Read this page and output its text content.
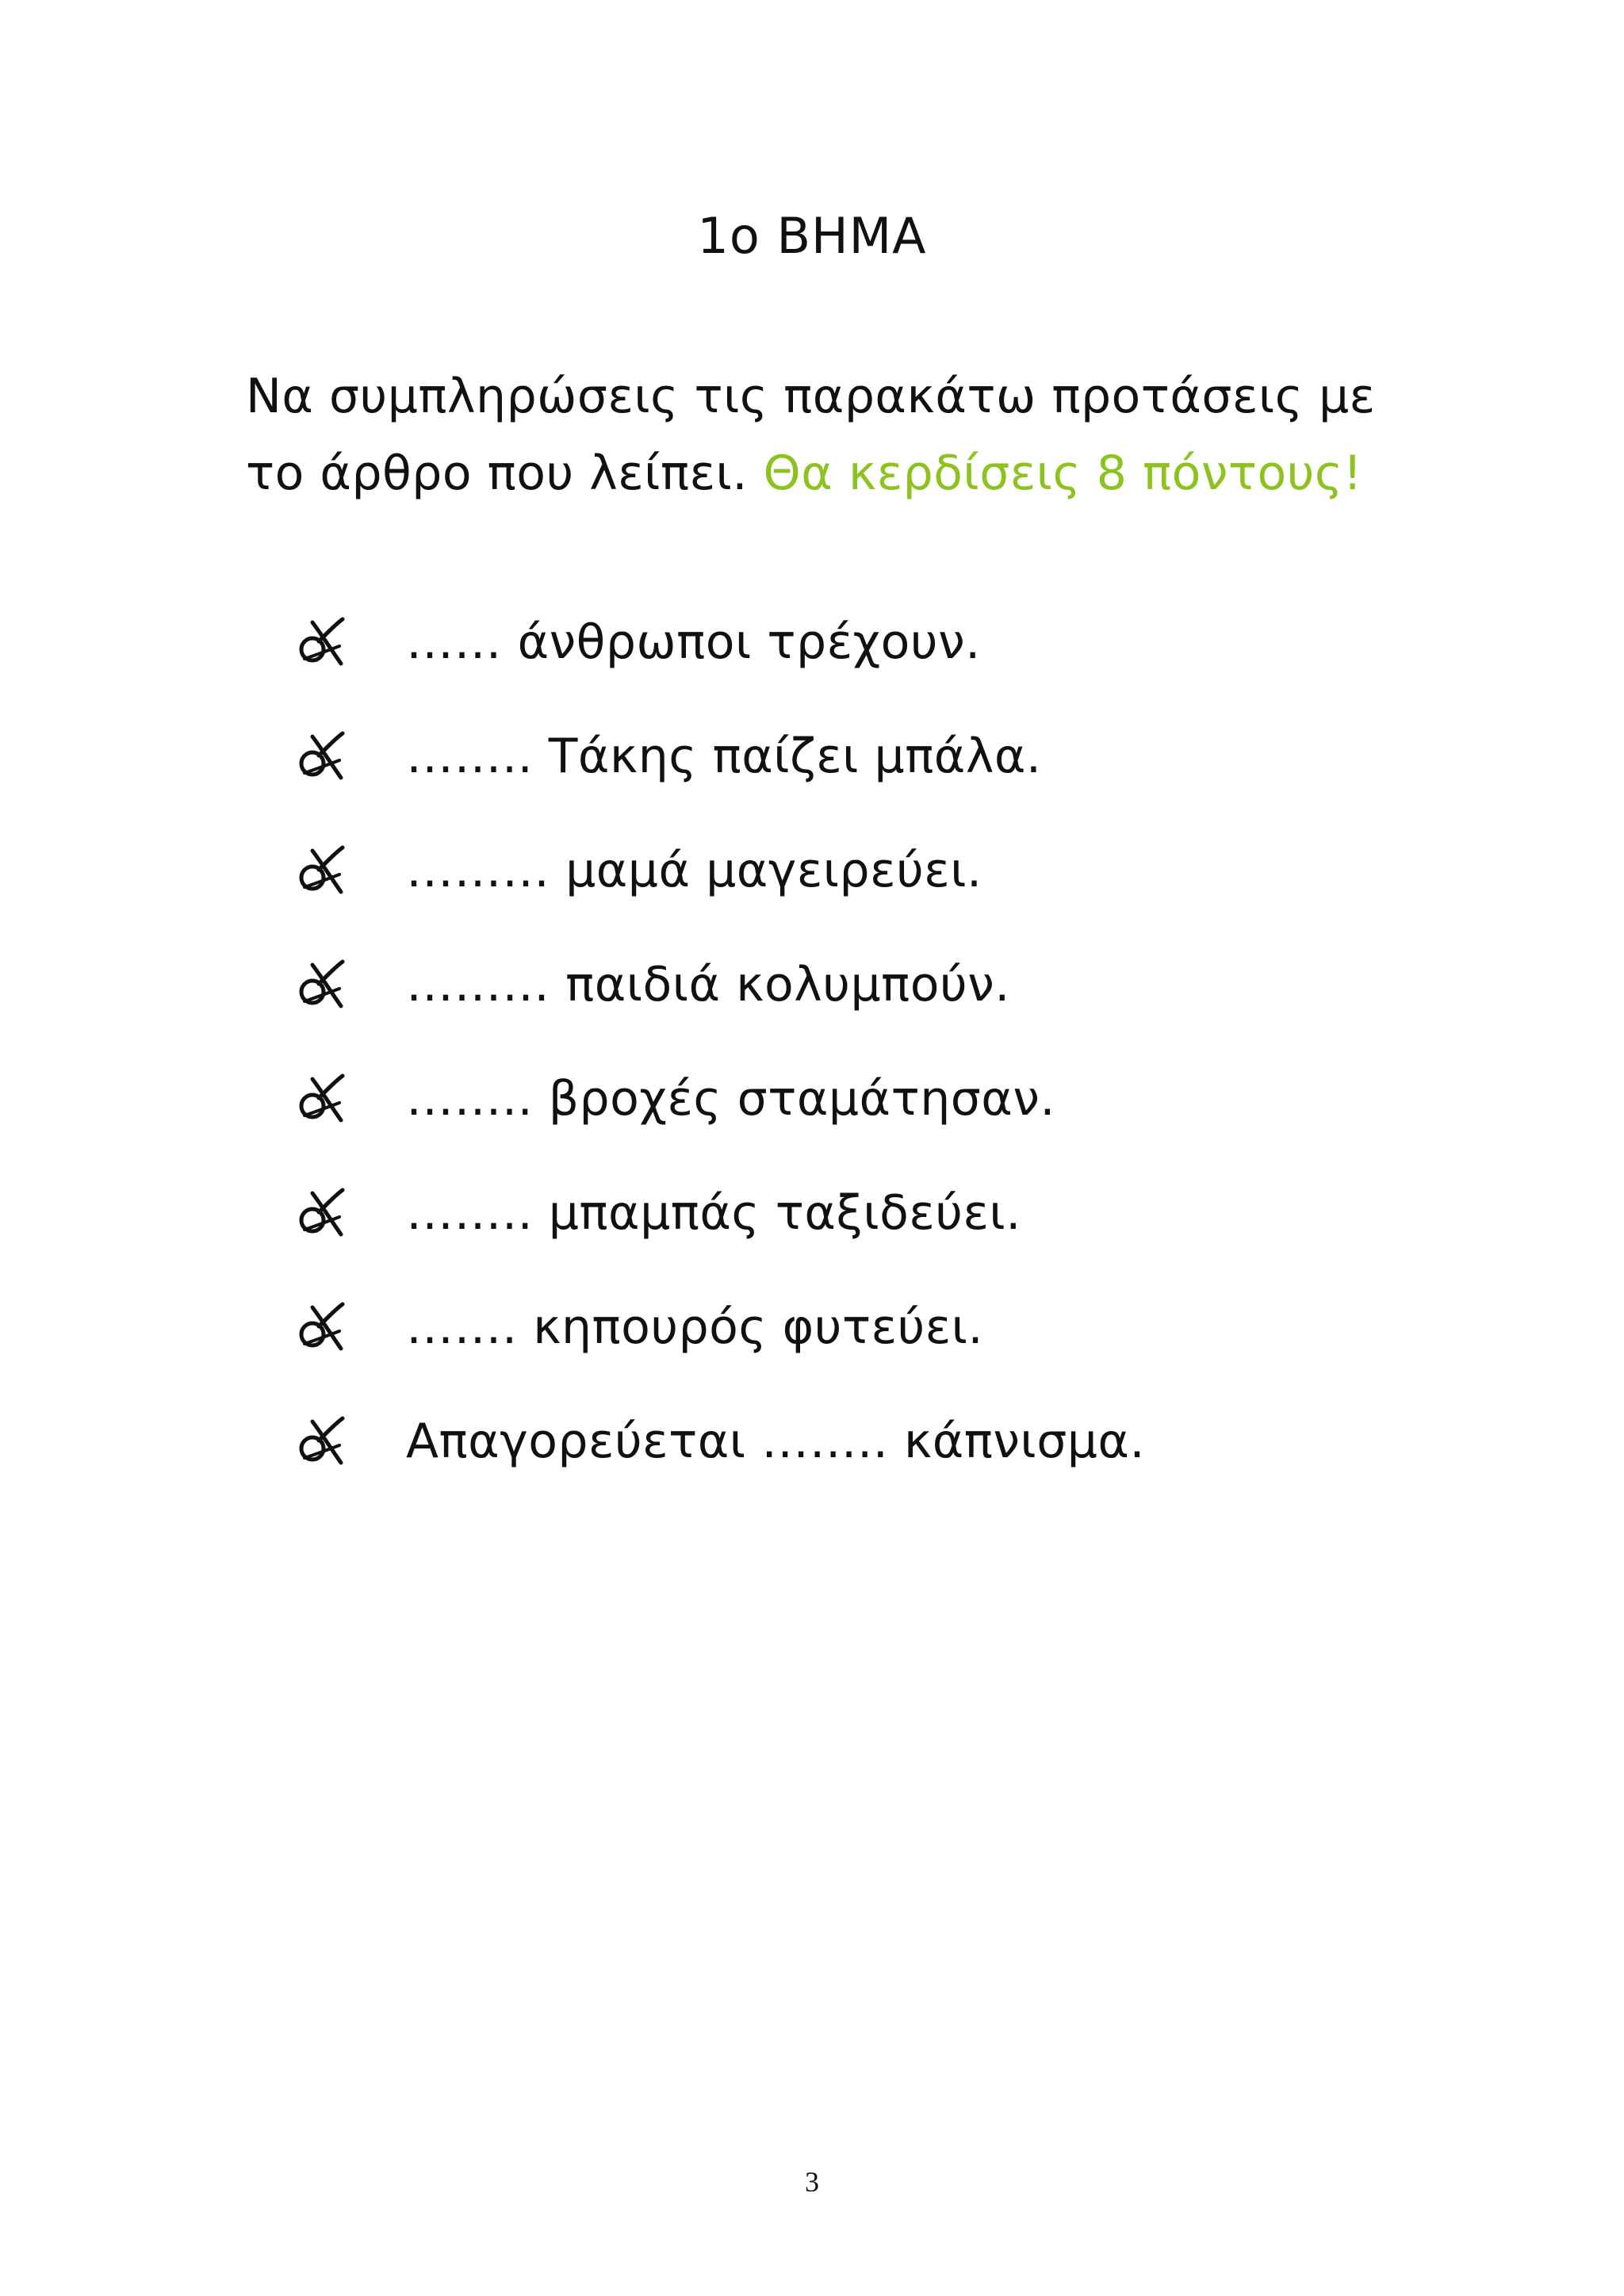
1ο ΒΗΜΑ
Να συμπληρώσεις τις παρακάτω προτάσεις με
το άρθρο που λείπει. Θα κερδίσεις 8 πόντους!
…… άνθρωποι τρέχουν.
…….. Τάκης παίζει μπάλα.
……… μαμά μαγειρεύει.
……… παιδιά κολυμπούν.
…….. βροχές σταμάτησαν.
…….. μπαμπάς ταξιδεύει.
……. κηπουρός φυτεύει.
Απαγορεύεται …….. κάπνισμα.
3
